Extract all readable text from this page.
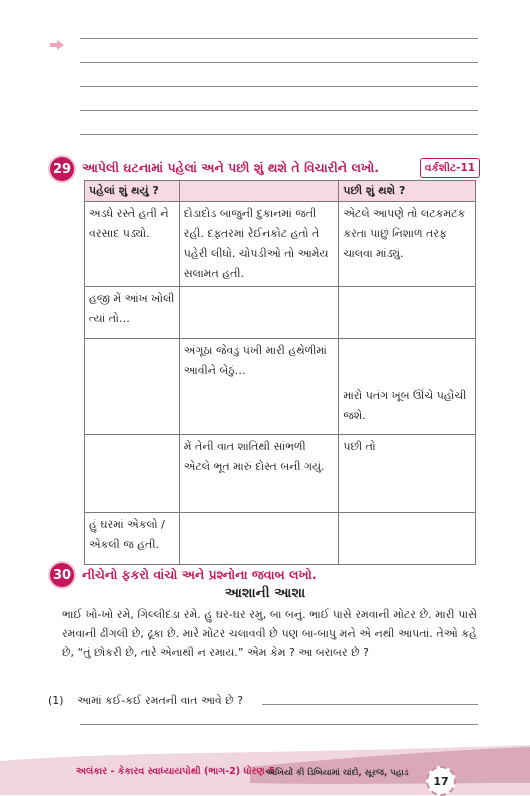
29 આપેલી ઘટનામાં પહેલાં અને પછી શું થશે તે વિચારીને લખો.	વર્કશીટ-11
પહેલાં શું થયું ?		પછી શું થશે ?
અડધે રસ્તે હતી ને વરસાદ પડ્યો.	દોડાદોડ બાજુની દુકાનમાં જતી રહી. દફ્તરમાં રેઈનકોટ હતો તે પહેરી લીધો. ચોપડીઓ તો આમેય સલામત હતી.	એટલે આપણે તો લટકમટક કરતા પાછું નિશાળ તરફ ચાલવા માંડ્યું.
હજી મેં આંખ ખોલી ત્યાં તો…		
	અંગૂઠા જેવડું પંખી મારી હથેળીમાં આવીને બેઠું…	મારો પતંગ ખૂબ ઊંચે પહોંચી જશે.
	મેં તેની વાત શાંતિથી સાંભળી એટલે ભૂત મારું દોસ્ત બની ગયું.	પછી તો
હું ઘરમાં એકલો / એકલી જ હતી.		
30 નીચેનો ફકરો વાંચો અને પ્રશ્નોના જવાબ લખો.
આશાની આશા
ભાઈ ખો-ખો રમે, ગિલ્લીદંડા રમે. હું ઘર-ઘર રમું, બા બનું. ભાઈ પાસે રમવાની મોટર છે. મારી પાસે રમવાની ઢીંગલી છે, ઢૂકા છે. મારે મોટર ચલાવવી છે પણ બા-બાપુ મને એ નથી આપતાં. તેઓ કહે છે, “તું છોકરી છે, તારે એનાથી ન રમાય.” એમ કેમ ? આ બરાબર છે ?
(1) આમાં કઈ-કઈ રમતની વાત આવે છે ?
અલંકાર - કેકારવ સ્વાધ્યાયપોથી (ભાગ-2) ધોરણ-5
અખિયોં કી ડિબિયામાં ચાંદો, સૂરજ, પહાડ
17
